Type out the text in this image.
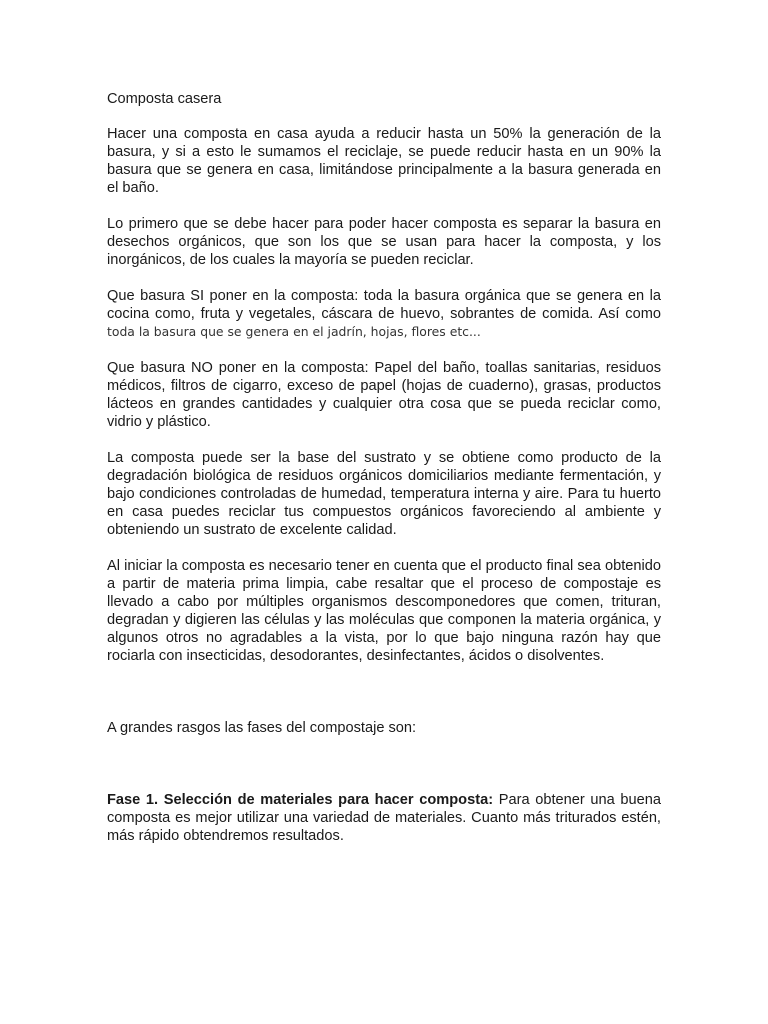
Composta casera

Hacer una composta en casa ayuda a reducir hasta un 50% la generación de la basura, y si a esto le sumamos el reciclaje, se puede reducir hasta en un 90% la basura que se genera en casa, limitándose principalmente a la basura generada en el baño.

Lo primero que se debe hacer para poder hacer composta es separar la basura en desechos orgánicos, que son los que se usan para hacer la composta, y los inorgánicos, de los cuales la mayoría se pueden reciclar.

Que basura SI poner en la composta: toda la basura orgánica que se genera en la cocina como, fruta y vegetales, cáscara de huevo, sobrantes de comida. Así como toda la basura que se genera en el jadrín, hojas, flores etc...

Que basura NO poner en la composta: Papel del baño, toallas sanitarias, residuos médicos, filtros de cigarro, exceso de papel (hojas de cuaderno), grasas, productos lácteos en grandes cantidades y cualquier otra cosa que se pueda reciclar como, vidrio y plástico.

La composta puede ser la base del sustrato y se obtiene como producto de la degradación biológica de residuos orgánicos domiciliarios mediante fermentación, y bajo condiciones controladas de humedad, temperatura interna y aire. Para tu huerto en casa puedes reciclar tus compuestos orgánicos favoreciendo al ambiente y obteniendo un sustrato de excelente calidad.

Al iniciar la composta es necesario tener en cuenta que el producto final sea obtenido a partir de materia prima limpia, cabe resaltar que el proceso de compostaje es llevado a cabo por múltiples organismos descomponedores que comen, trituran, degradan y digieren las células y las moléculas que componen la materia orgánica, y algunos otros no agradables a la vista, por lo que bajo ninguna razón hay que rociarla con insecticidas, desodorantes, desinfectantes, ácidos o disolventes.

A grandes rasgos las fases del compostaje son:

Fase 1. Selección de materiales para hacer composta: Para obtener una buena composta es mejor utilizar una variedad de materiales. Cuanto más triturados estén, más rápido obtendremos resultados.
